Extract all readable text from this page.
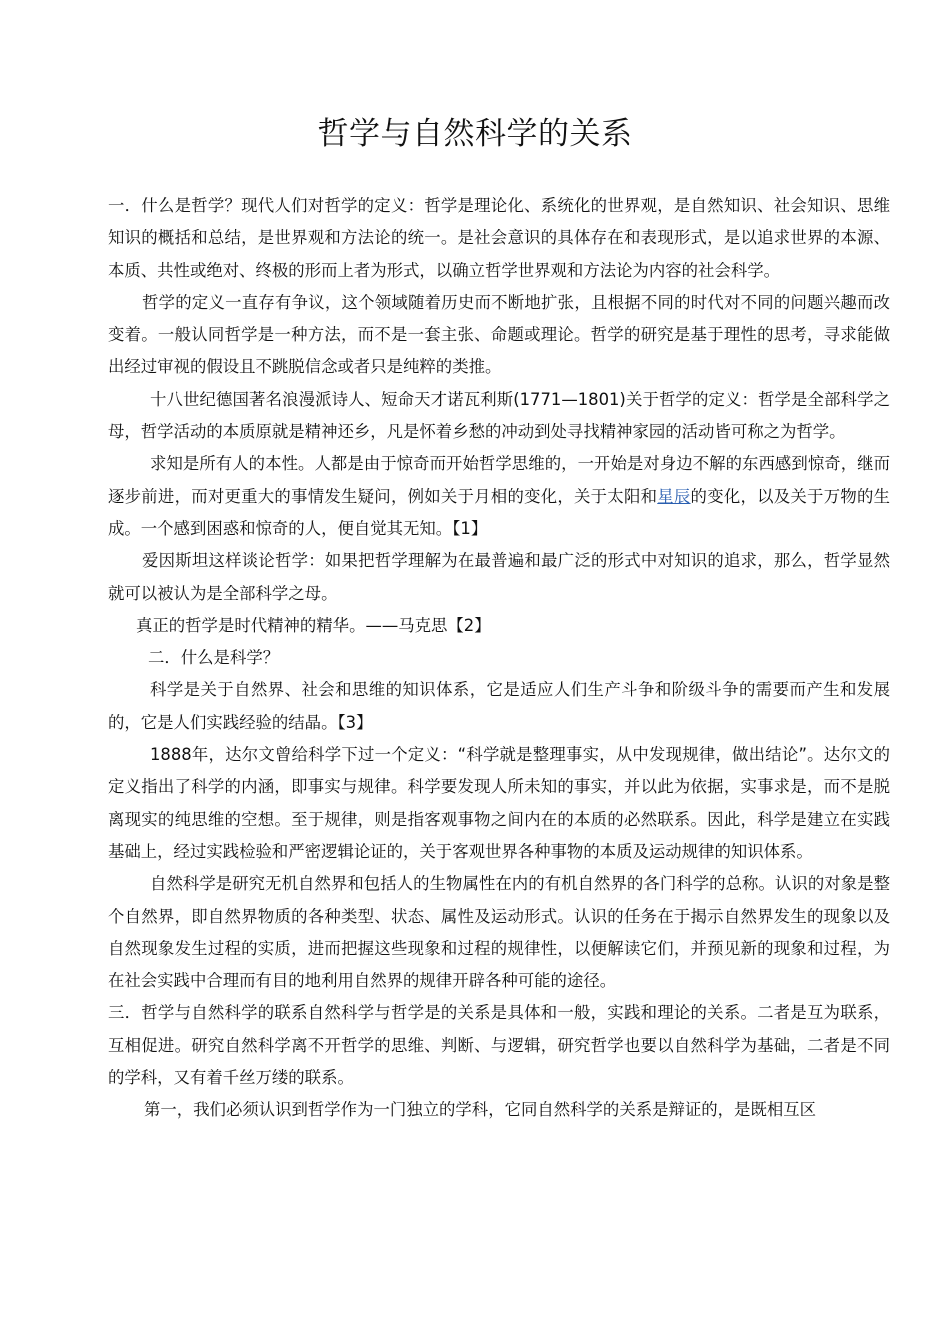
哲学与自然科学的关系

一．什么是哲学？现代人们对哲学的定义：哲学是理论化、系统化的世界观，是自然知识、社会知识、思维知识的概括和总结，是世界观和方法论的统一。是社会意识的具体存在和表现形式，是以追求世界的本源、本质、共性或绝对、终极的形而上者为形式，以确立哲学世界观和方法论为内容的社会科学。

哲学的定义一直存有争议，这个领域随着历史而不断地扩张，且根据不同的时代对不同的问题兴趣而改变着。一般认同哲学是一种方法，而不是一套主张、命题或理论。哲学的研究是基于理性的思考，寻求能做出经过审视的假设且不跳脱信念或者只是纯粹的类推。

十八世纪德国著名浪漫派诗人、短命天才诺瓦利斯(1771—1801)关于哲学的定义：哲学是全部科学之母，哲学活动的本质原就是精神还乡，凡是怀着乡愁的冲动到处寻找精神家园的活动皆可称之为哲学。

求知是所有人的本性。人都是由于惊奇而开始哲学思维的，一开始是对身边不解的东西感到惊奇，继而逐步前进，而对更重大的事情发生疑问，例如关于月相的变化，关于太阳和星辰的变化，以及关于万物的生成。一个感到困惑和惊奇的人，便自觉其无知。【1】

爱因斯坦这样谈论哲学：如果把哲学理解为在最普遍和最广泛的形式中对知识的追求，那么，哲学显然就可以被认为是全部科学之母。

真正的哲学是时代精神的精华。——马克思【2】

二．什么是科学？

科学是关于自然界、社会和思维的知识体系，它是适应人们生产斗争和阶级斗争的需要而产生和发展的，它是人们实践经验的结晶。【3】

1888年，达尔文曾给科学下过一个定义：“科学就是整理事实，从中发现规律，做出结论”。达尔文的定义指出了科学的内涵，即事实与规律。科学要发现人所未知的事实，并以此为依据，实事求是，而不是脱离现实的纯思维的空想。至于规律，则是指客观事物之间内在的本质的必然联系。因此，科学是建立在实践基础上，经过实践检验和严密逻辑论证的，关于客观世界各种事物的本质及运动规律的知识体系。

自然科学是研究无机自然界和包括人的生物属性在内的有机自然界的各门科学的总称。认识的对象是整个自然界，即自然界物质的各种类型、状态、属性及运动形式。认识的任务在于揭示自然界发生的现象以及自然现象发生过程的实质，进而把握这些现象和过程的规律性，以便解读它们，并预见新的现象和过程，为在社会实践中合理而有目的地利用自然界的规律开辟各种可能的途径。

三．哲学与自然科学的联系自然科学与哲学是的关系是具体和一般，实践和理论的关系。二者是互为联系，互相促进。研究自然科学离不开哲学的思维、判断、与逻辑，研究哲学也要以自然科学为基础，二者是不同的学科，又有着千丝万缕的联系。

第一，我们必须认识到哲学作为一门独立的学科，它同自然科学的关系是辩证的，是既相互区
